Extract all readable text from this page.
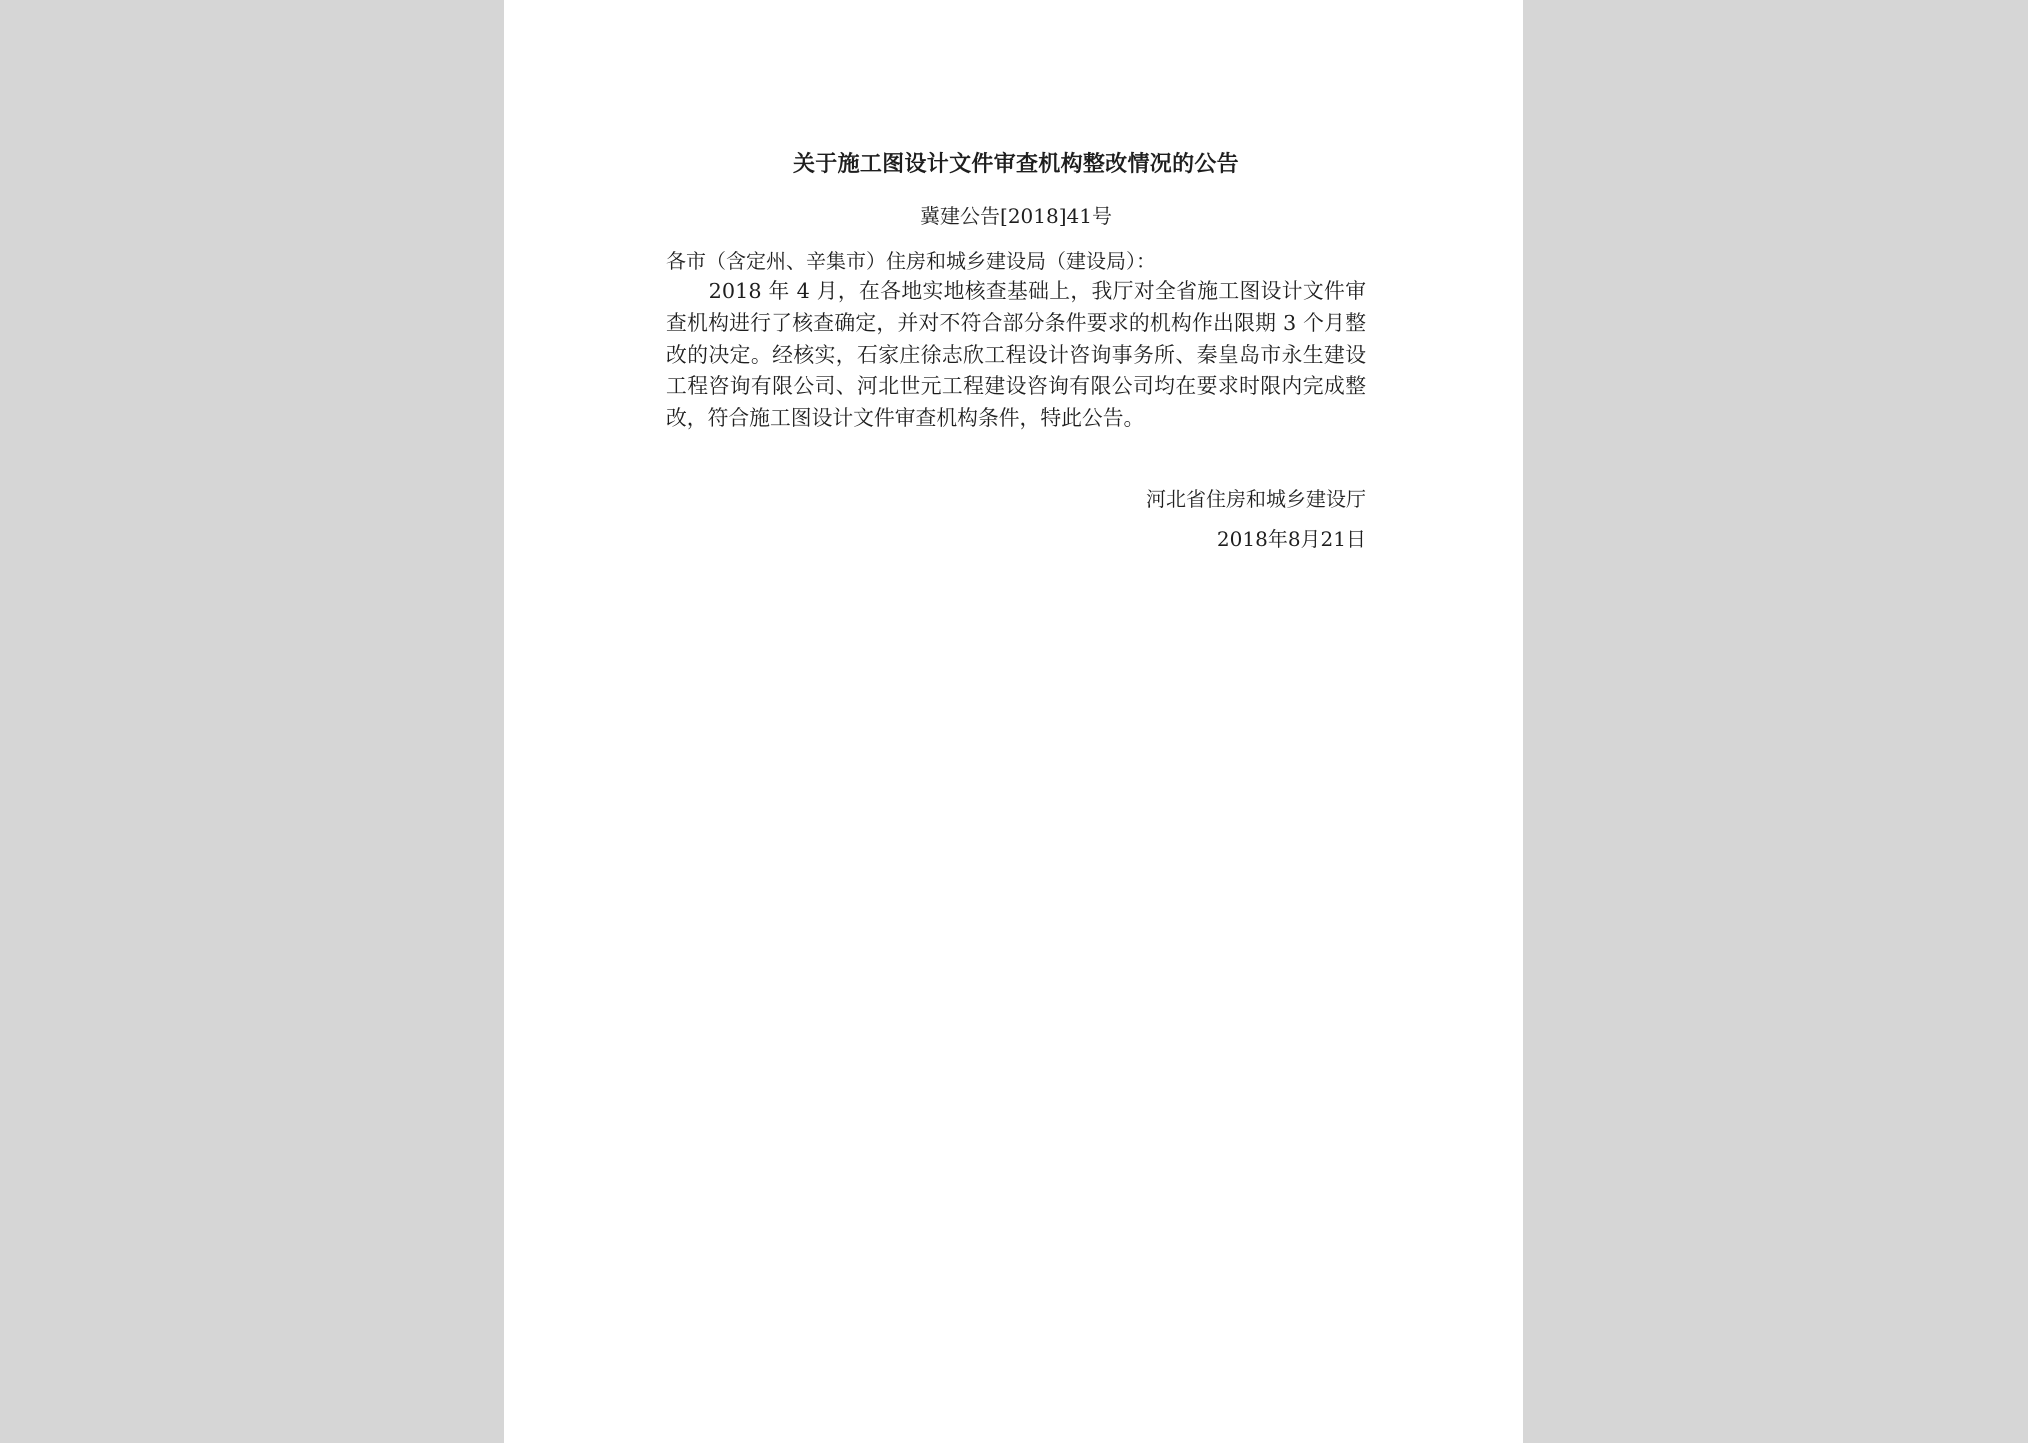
关于施工图设计文件审查机构整改情况的公告

冀建公告[2018]41号

各市（含定州、辛集市）住房和城乡建设局（建设局）：

2018 年 4 月，在各地实地核查基础上，我厅对全省施工图设计文件审查机构进行了核查确定，并对不符合部分条件要求的机构作出限期 3 个月整改的决定。经核实，石家庄徐志欣工程设计咨询事务所、秦皇岛市永生建设工程咨询有限公司、河北世元工程建设咨询有限公司均在要求时限内完成整改，符合施工图设计文件审查机构条件，特此公告。

河北省住房和城乡建设厅

2018年8月21日
